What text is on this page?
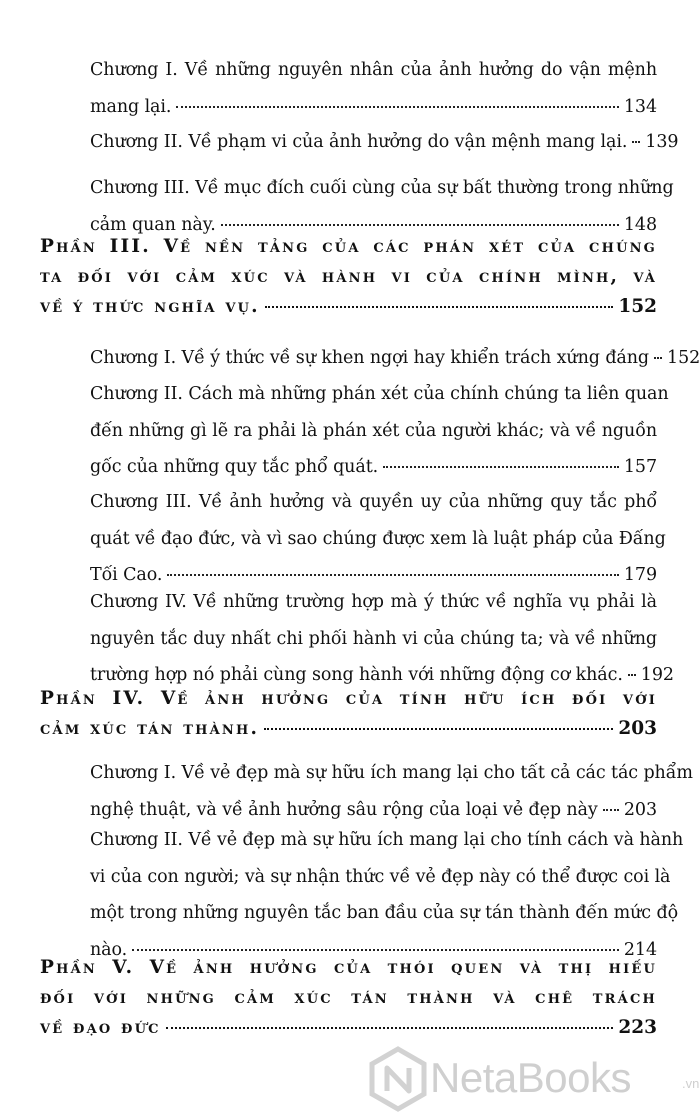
Chương I. Về những nguyên nhân của ảnh hưởng do vận mệnh
mang lại.	134
Chương II. Về phạm vi của ảnh hưởng do vận mệnh mang lại. 139
Chương III. Về mục đích cuối cùng của sự bất thường trong những
cảm quan này.	148
Phần III. Về nền tảng của các phán xét của chúng
ta đối với cảm xúc và hành vi của chính mình, và
về ý thức nghĩa vụ.	152
Chương I. Về ý thức về sự khen ngợi hay khiển trách xứng đáng 152
Chương II. Cách mà những phán xét của chính chúng ta liên quan
đến những gì lẽ ra phải là phán xét của người khác; và về nguồn
gốc của những quy tắc phổ quát.	157
Chương III. Về ảnh hưởng và quyền uy của những quy tắc phổ
quát về đạo đức, và vì sao chúng được xem là luật pháp của Đấng
Tối Cao.	179
Chương IV. Về những trường hợp mà ý thức về nghĩa vụ phải là
nguyên tắc duy nhất chi phối hành vi của chúng ta; và về những
trường hợp nó phải cùng song hành với những động cơ khác. 192
Phần IV. Về ảnh hưởng của tính hữu ích đối với
cảm xúc tán thành.	203
Chương I. Về vẻ đẹp mà sự hữu ích mang lại cho tất cả các tác phẩm
nghệ thuật, và về ảnh hưởng sâu rộng của loại vẻ đẹp này 203
Chương II. Về vẻ đẹp mà sự hữu ích mang lại cho tính cách và hành
vi của con người; và sự nhận thức về vẻ đẹp này có thể được coi là
một trong những nguyên tắc ban đầu của sự tán thành đến mức độ
nào.	214
Phần V. Về ảnh hưởng của thói quen và thị hiếu
đối với những cảm xúc tán thành và chê trách
về đạo đức	223
NetaBooks	.vn
